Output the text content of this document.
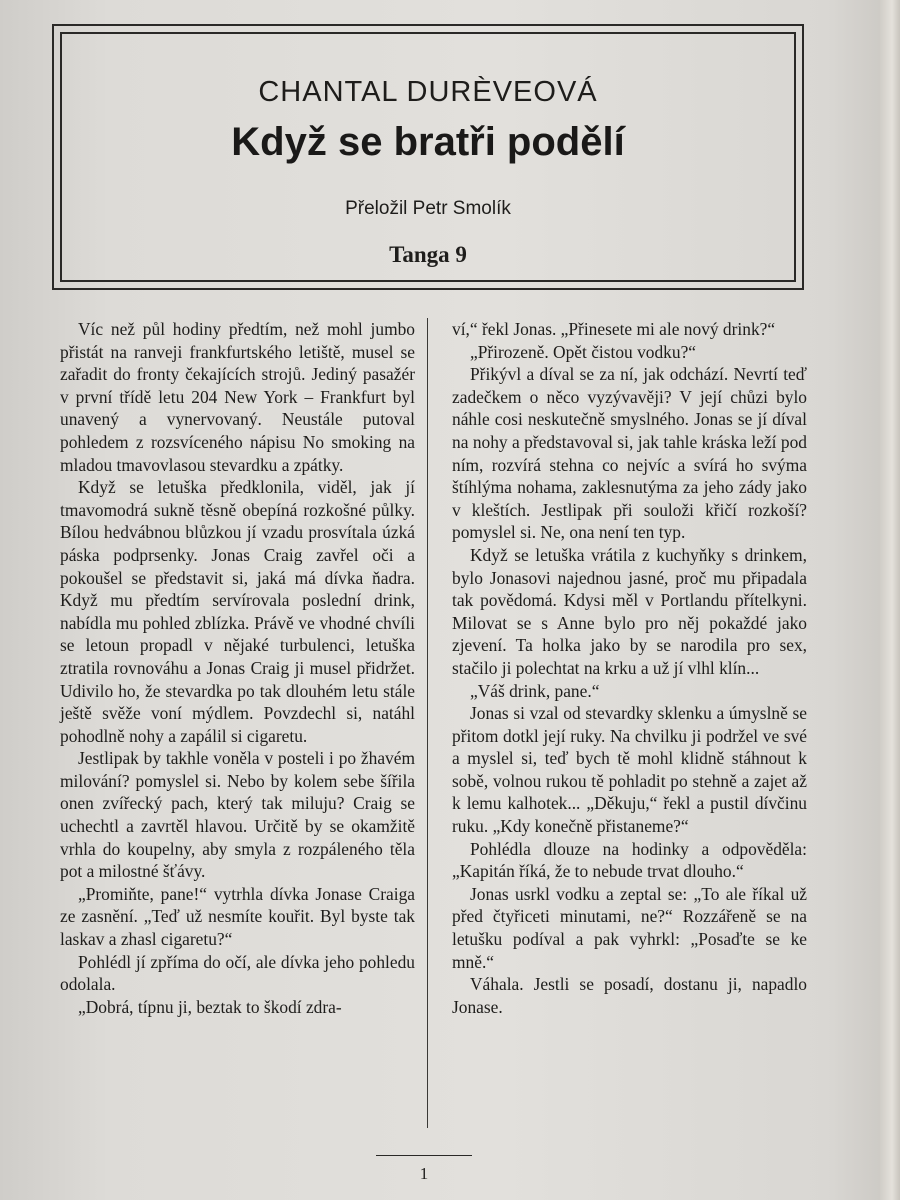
CHANTAL DURÈVEOVÁ
Když se bratři podělí
Přeložil Petr Smolík
Tanga 9

Víc než půl hodiny předtím, než mohl jumbo přistát na ranveji frankfurtského letiště, musel se zařadit do fronty čekajících strojů. Jediný pasažér v první třídě letu 204 New York – Frankfurt byl unavený a vynervovaný. Neustále putoval pohledem z rozsvíceného nápisu No smoking na mladou tmavovlasou stevardku a zpátky.

Když se letuška předklonila, viděl, jak jí tmavomodrá sukně těsně obepíná rozkošné půlky. Bílou hedvábnou blůzkou jí vzadu prosvítala úzká páska podprsenky. Jonas Craig zavřel oči a pokoušel se představit si, jaká má dívka ňadra. Když mu předtím servírovala poslední drink, nabídla mu pohled zblízka. Právě ve vhodné chvíli se letoun propadl v nějaké turbulenci, letuška ztratila rovnováhu a Jonas Craig ji musel přidržet. Udivilo ho, že stevardka po tak dlouhém letu stále ještě svěže voní mýdlem. Povzdechl si, natáhl pohodlně nohy a zapálil si cigaretu.

Jestlipak by takhle voněla v posteli i po žhavém milování? pomyslel si. Nebo by kolem sebe šířila onen zvířecký pach, který tak miluju? Craig se uchechtl a zavrtěl hlavou. Určitě by se okamžitě vrhla do koupelny, aby smyla z rozpáleného těla pot a milostné šťávy.

„Promiňte, pane!“ vytrhla dívka Jonase Craiga ze zasnění. „Teď už nesmíte kouřit. Byl byste tak laskav a zhasl cigaretu?“

Pohlédl jí zpříma do očí, ale dívka jeho pohledu odolala.

„Dobrá, típnu ji, beztak to škodí zdra-

ví,“ řekl Jonas. „Přinesete mi ale nový drink?“

„Přirozeně. Opět čistou vodku?“

Přikývl a díval se za ní, jak odchází. Nevrtí teď zadečkem o něco vyzývavěji? V její chůzi bylo náhle cosi neskutečně smyslného. Jonas se jí díval na nohy a představoval si, jak tahle kráska leží pod ním, rozvírá stehna co nejvíc a svírá ho svýma štíhlýma nohama, zaklesnutýma za jeho zády jako v kleštích. Jestlipak při souloži křičí rozkoší? pomyslel si. Ne, ona není ten typ.

Když se letuška vrátila z kuchyňky s drinkem, bylo Jonasovi najednou jasné, proč mu připadala tak povědomá. Kdysi měl v Portlandu přítelkyni. Milovat se s Anne bylo pro něj pokaždé jako zjevení. Ta holka jako by se narodila pro sex, stačilo ji polechtat na krku a už jí vlhl klín...

„Váš drink, pane.“

Jonas si vzal od stevardky sklenku a úmyslně se přitom dotkl její ruky. Na chvilku ji podržel ve své a myslel si, teď bych tě mohl klidně stáhnout k sobě, volnou rukou tě pohladit po stehně a zajet až k lemu kalhotek... „Děkuju,“ řekl a pustil dívčinu ruku. „Kdy konečně přistaneme?“

Pohlédla dlouze na hodinky a odpověděla: „Kapitán říká, že to nebude trvat dlouho.“

Jonas usrkl vodku a zeptal se: „To ale říkal už před čtyřiceti minutami, ne?“ Rozzářeně se na letušku podíval a pak vyhrkl: „Posaďte se ke mně.“

Váhala. Jestli se posadí, dostanu ji, napadlo Jonase.

1
